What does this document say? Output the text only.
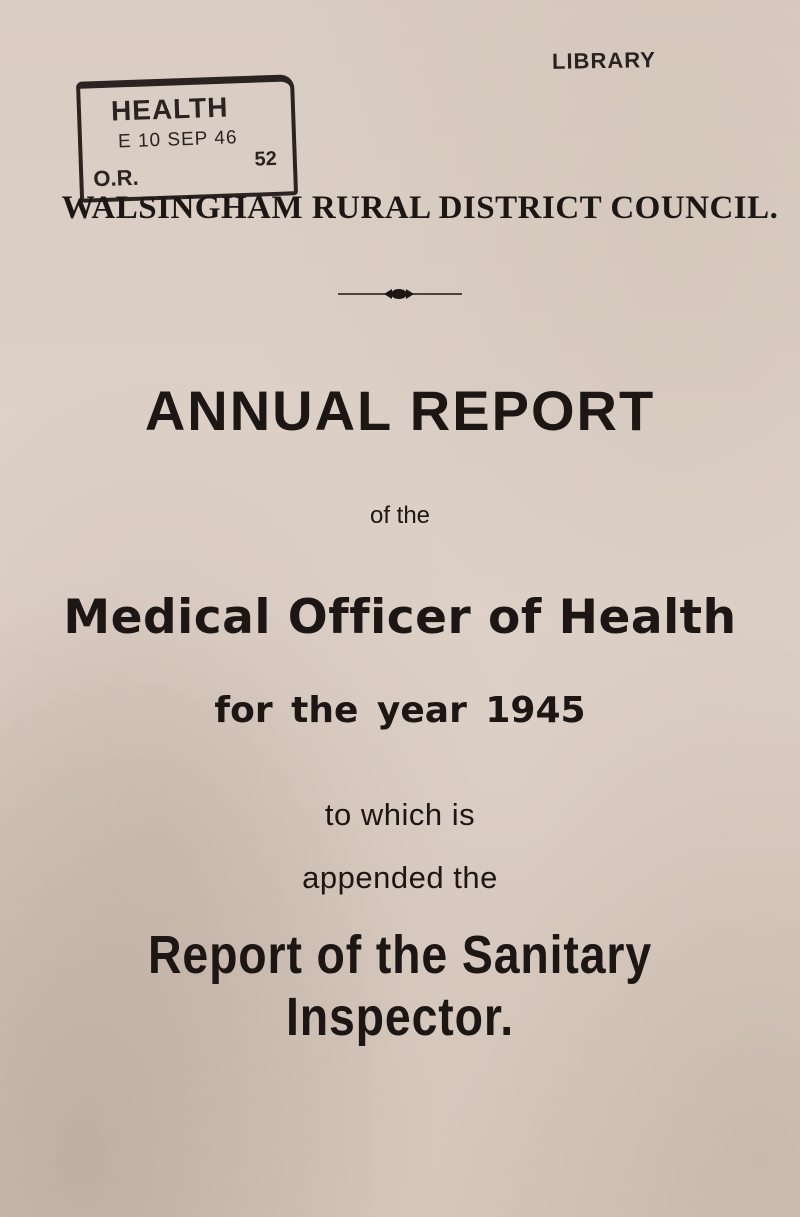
LIBRARY
HEALTH
E 10 SEP 46
52
O.R.
WALSINGHAM RURAL DISTRICT COUNCIL.
ANNUAL REPORT
of the
Medical Officer of Health
for the year 1945
to which is
appended the
Report of the Sanitary Inspector.
